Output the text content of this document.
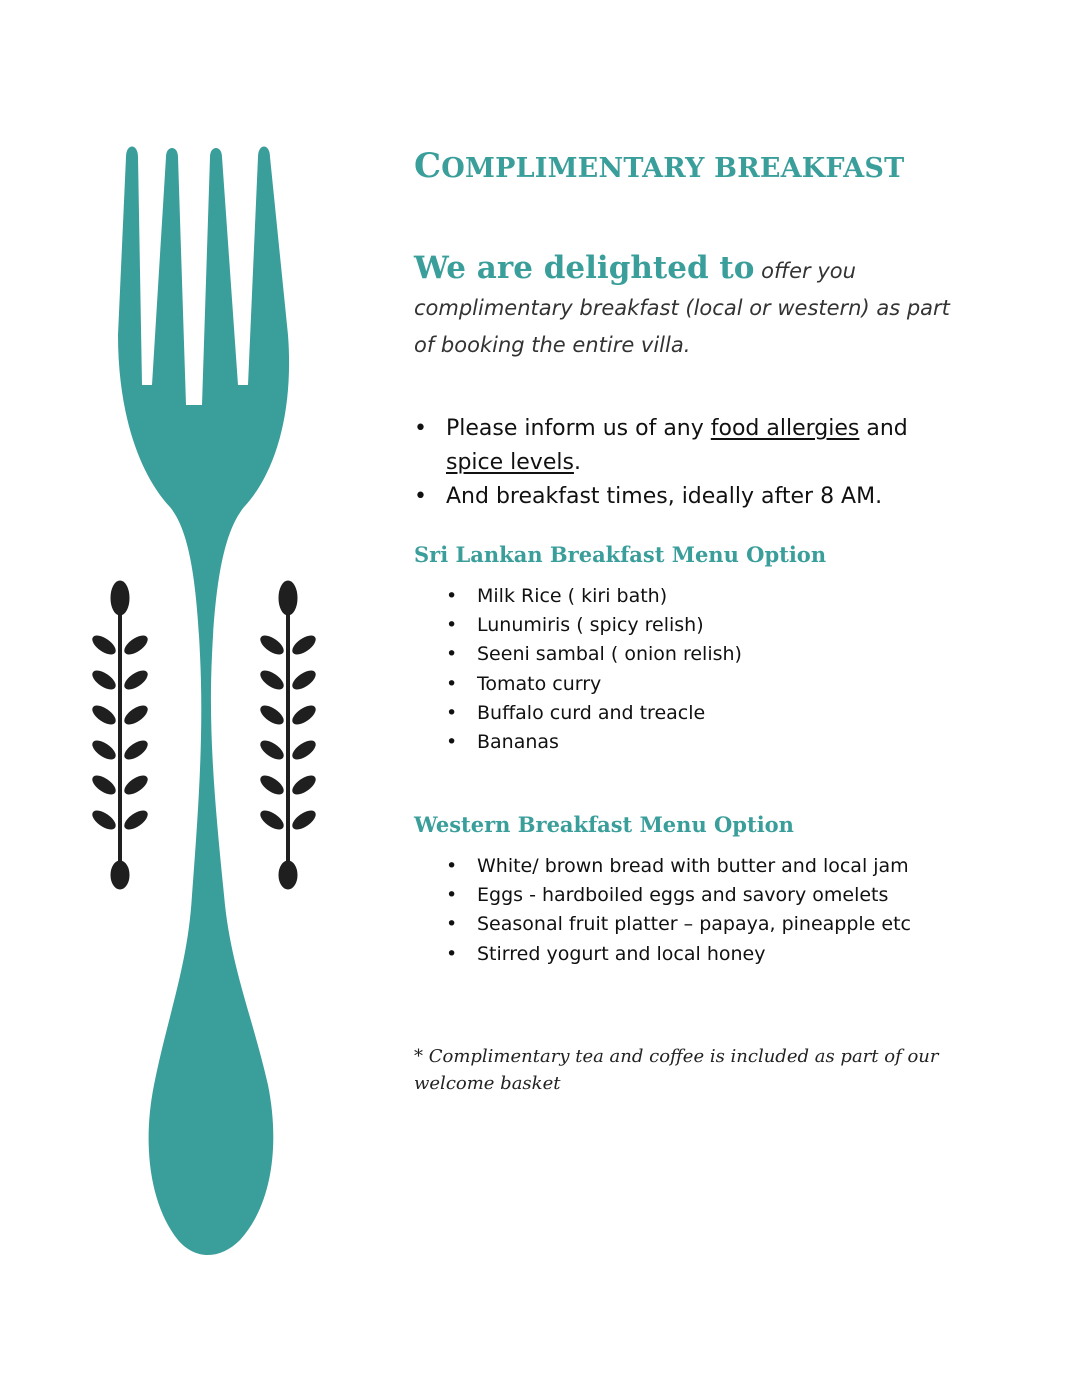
COMPLIMENTARY BREAKFAST

We are delighted to offer you complimentary breakfast (local or western) as part of booking the entire villa.

• Please inform us of any food allergies and spice levels.
• And breakfast times, ideally after 8 AM.
Sri Lankan Breakfast Menu Option
• Milk Rice ( kiri bath)
• Lunumiris ( spicy relish)
• Seeni sambal ( onion relish)
• Tomato curry
• Buffalo curd and treacle
• Bananas
Western Breakfast Menu Option
• White/ brown bread with butter and local jam
• Eggs - hardboiled eggs and savory omelets
• Seasonal fruit platter – papaya, pineapple etc
• Stirred yogurt and local honey

* Complimentary tea and coffee is included as part of our welcome basket
